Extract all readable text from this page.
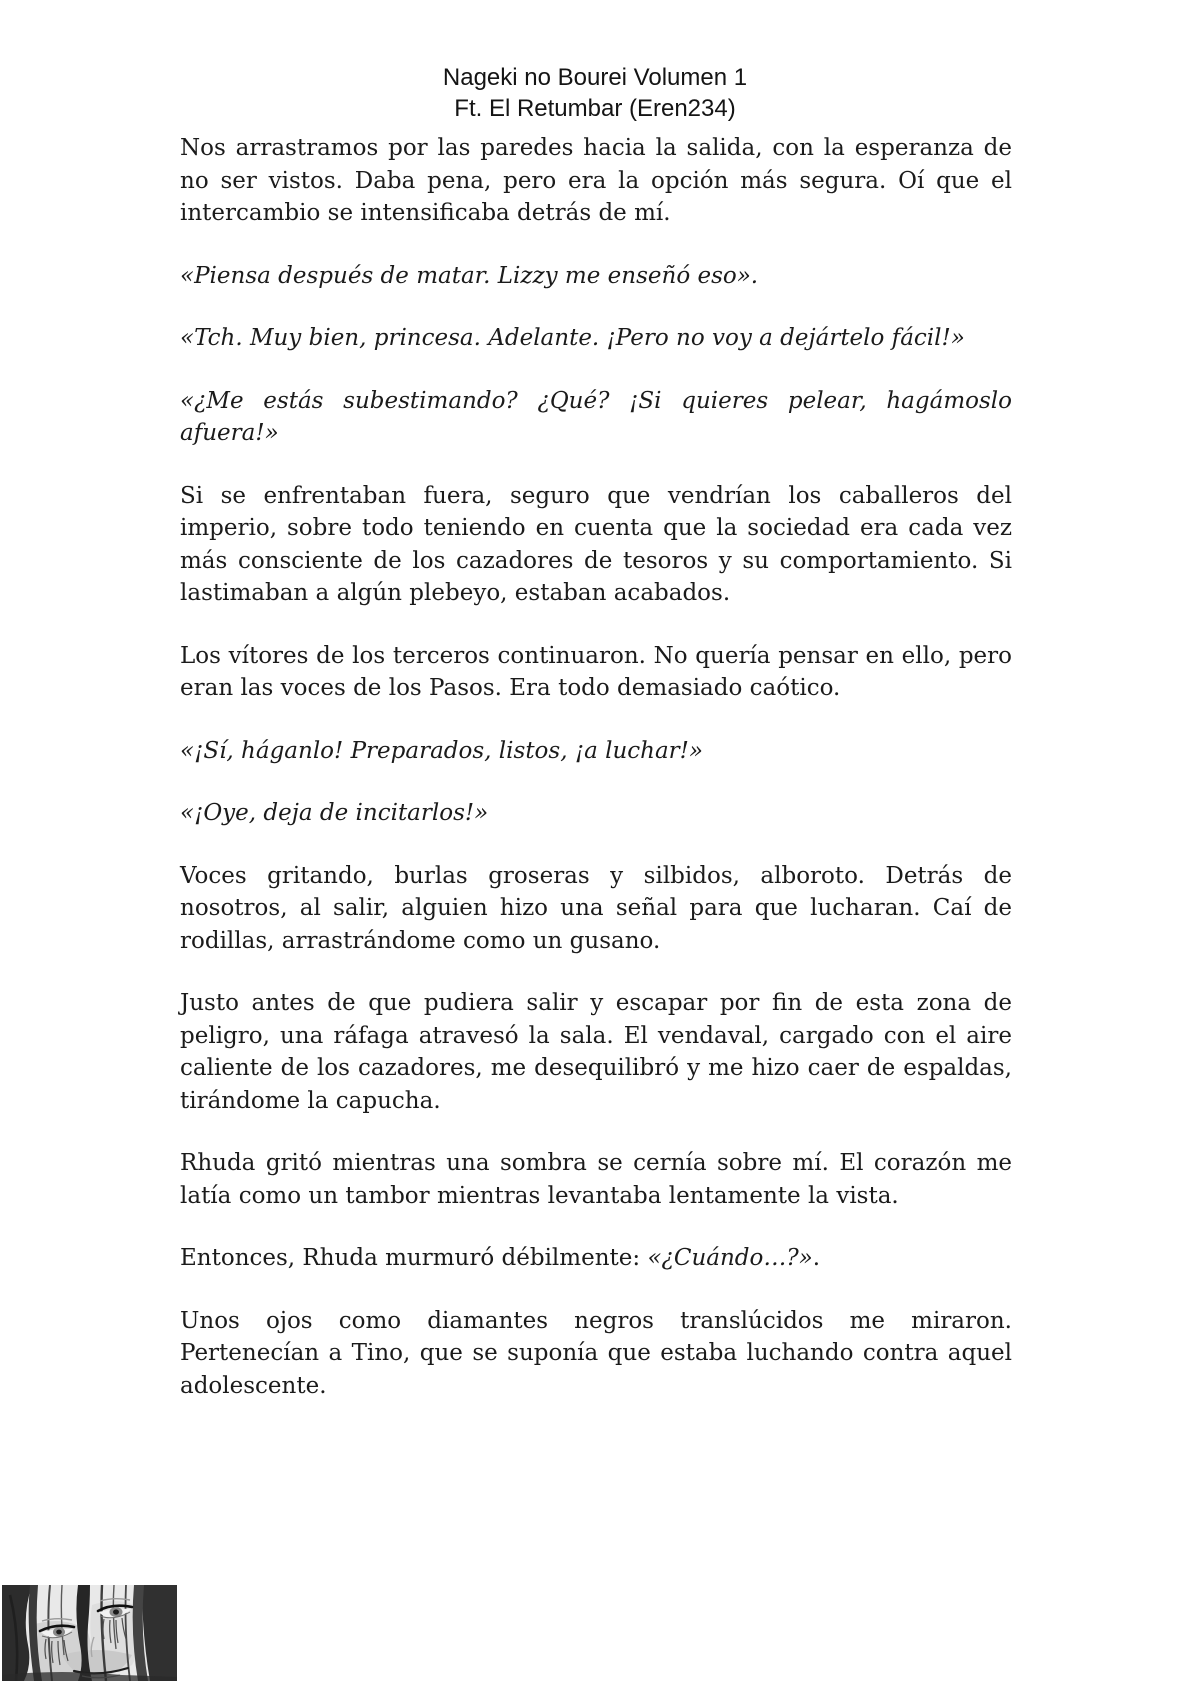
Nageki no Bourei Volumen 1
Ft. El Retumbar (Eren234)

Nos arrastramos por las paredes hacia la salida, con la esperanza de no ser vistos. Daba pena, pero era la opción más segura. Oí que el intercambio se intensificaba detrás de mí.

«Piensa después de matar. Lizzy me enseñó eso».

«Tch. Muy bien, princesa. Adelante. ¡Pero no voy a dejártelo fácil!»

«¿Me estás subestimando? ¿Qué? ¡Si quieres pelear, hagámoslo afuera!»

Si se enfrentaban fuera, seguro que vendrían los caballeros del imperio, sobre todo teniendo en cuenta que la sociedad era cada vez más consciente de los cazadores de tesoros y su comportamiento. Si lastimaban a algún plebeyo, estaban acabados.

Los vítores de los terceros continuaron. No quería pensar en ello, pero eran las voces de los Pasos. Era todo demasiado caótico.

«¡Sí, háganlo! Preparados, listos, ¡a luchar!»

«¡Oye, deja de incitarlos!»

Voces gritando, burlas groseras y silbidos, alboroto. Detrás de nosotros, al salir, alguien hizo una señal para que lucharan. Caí de rodillas, arrastrándome como un gusano.

Justo antes de que pudiera salir y escapar por fin de esta zona de peligro, una ráfaga atravesó la sala. El vendaval, cargado con el aire caliente de los cazadores, me desequilibró y me hizo caer de espaldas, tirándome la capucha.

Rhuda gritó mientras una sombra se cernía sobre mí. El corazón me latía como un tambor mientras levantaba lentamente la vista.

Entonces, Rhuda murmuró débilmente: «¿Cuándo…?».

Unos ojos como diamantes negros translúcidos me miraron. Pertenecían a Tino, que se suponía que estaba luchando contra aquel adolescente.
